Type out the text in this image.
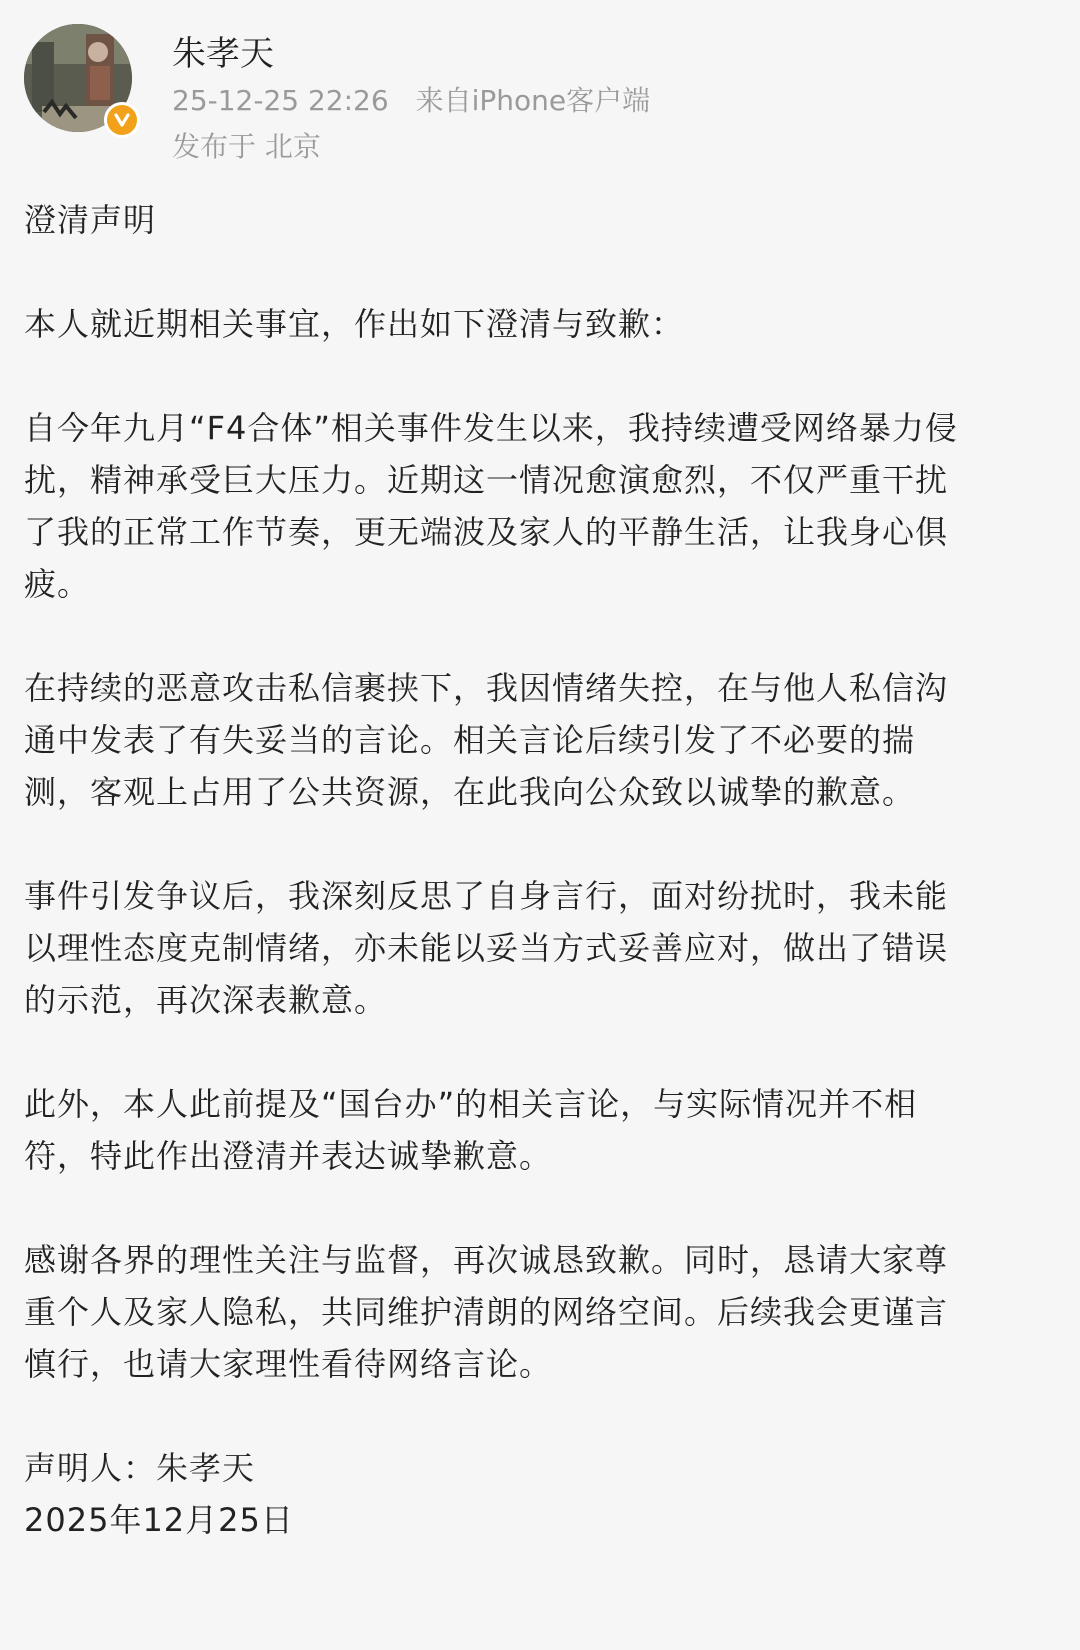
朱孝天
25-12-25 22:26 来自iPhone客户端
发布于 北京

澄清声明

本人就近期相关事宜，作出如下澄清与致歉：

自今年九月“F4合体”相关事件发生以来，我持续遭受网络暴力侵
扰，精神承受巨大压力。近期这一情况愈演愈烈，不仅严重干扰
了我的正常工作节奏，更无端波及家人的平静生活，让我身心俱
疲。

在持续的恶意攻击私信裹挟下，我因情绪失控，在与他人私信沟
通中发表了有失妥当的言论。相关言论后续引发了不必要的揣
测，客观上占用了公共资源，在此我向公众致以诚挚的歉意。

事件引发争议后，我深刻反思了自身言行，面对纷扰时，我未能
以理性态度克制情绪，亦未能以妥当方式妥善应对，做出了错误
的示范，再次深表歉意。

此外，本人此前提及“国台办”的相关言论，与实际情况并不相
符，特此作出澄清并表达诚挚歉意。

感谢各界的理性关注与监督，再次诚恳致歉。同时，恳请大家尊
重个人及家人隐私，共同维护清朗的网络空间。后续我会更谨言
慎行，也请大家理性看待网络言论。

声明人：朱孝天

2025年12月25日
